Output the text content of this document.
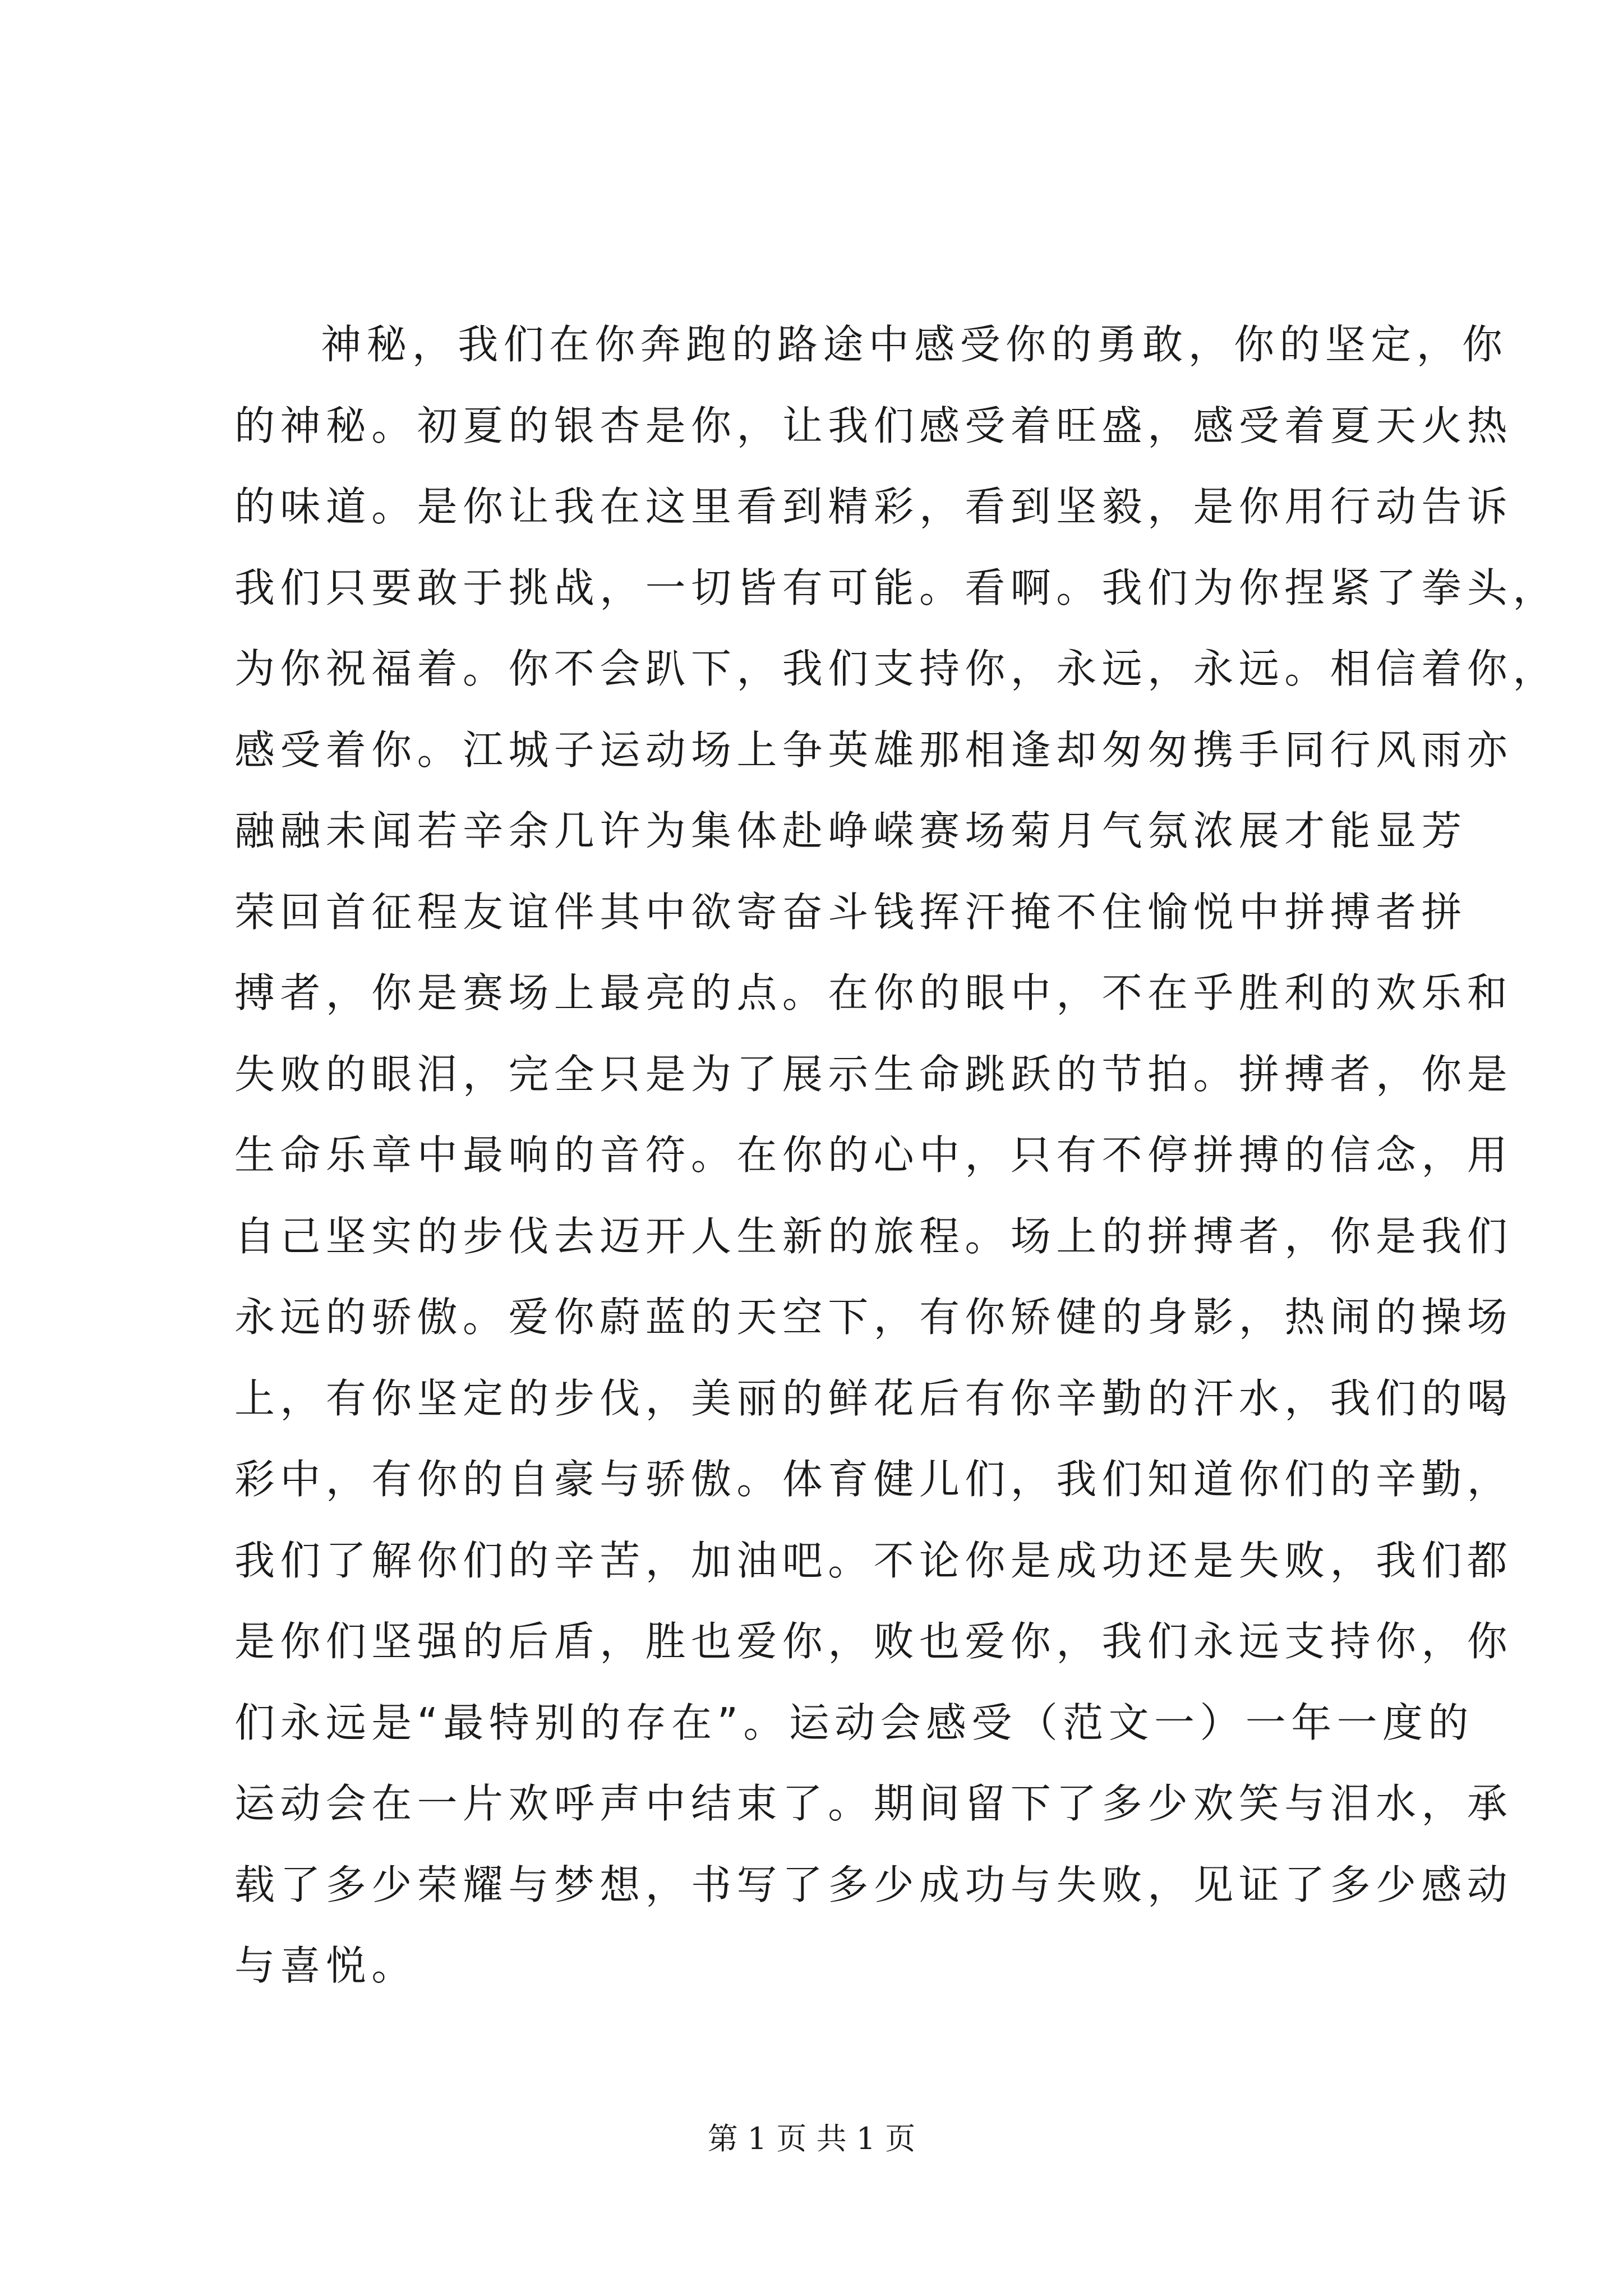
神秘，我们在你奔跑的路途中感受你的勇敢，你的坚定，你
的神秘。初夏的银杏是你，让我们感受着旺盛，感受着夏天火热
的味道。是你让我在这里看到精彩，看到坚毅，是你用行动告诉
我们只要敢于挑战，一切皆有可能。看啊。我们为你捏紧了拳头，
为你祝福着。你不会趴下，我们支持你，永远，永远。相信着你，
感受着你。江城子运动场上争英雄那相逢却匆匆携手同行风雨亦
融融未闻若辛余几许为集体赴峥嵘赛场菊月气氛浓展才能显芳
荣回首征程友谊伴其中欲寄奋斗钱挥汗掩不住愉悦中拼搏者拼
搏者，你是赛场上最亮的点。在你的眼中，不在乎胜利的欢乐和
失败的眼泪，完全只是为了展示生命跳跃的节拍。拼搏者，你是
生命乐章中最响的音符。在你的心中，只有不停拼搏的信念，用
自己坚实的步伐去迈开人生新的旅程。场上的拼搏者，你是我们
永远的骄傲。爱你蔚蓝的天空下，有你矫健的身影，热闹的操场
上，有你坚定的步伐，美丽的鲜花后有你辛勤的汗水，我们的喝
彩中，有你的自豪与骄傲。体育健儿们，我们知道你们的辛勤，
我们了解你们的辛苦，加油吧。不论你是成功还是失败，我们都
是你们坚强的后盾，胜也爱你，败也爱你，我们永远支持你，你
们永远是“最特别的存在”。运动会感受（范文一）一年一度的
运动会在一片欢呼声中结束了。期间留下了多少欢笑与泪水，承
载了多少荣耀与梦想，书写了多少成功与失败，见证了多少感动
与喜悦。
第 1 页 共 1 页
